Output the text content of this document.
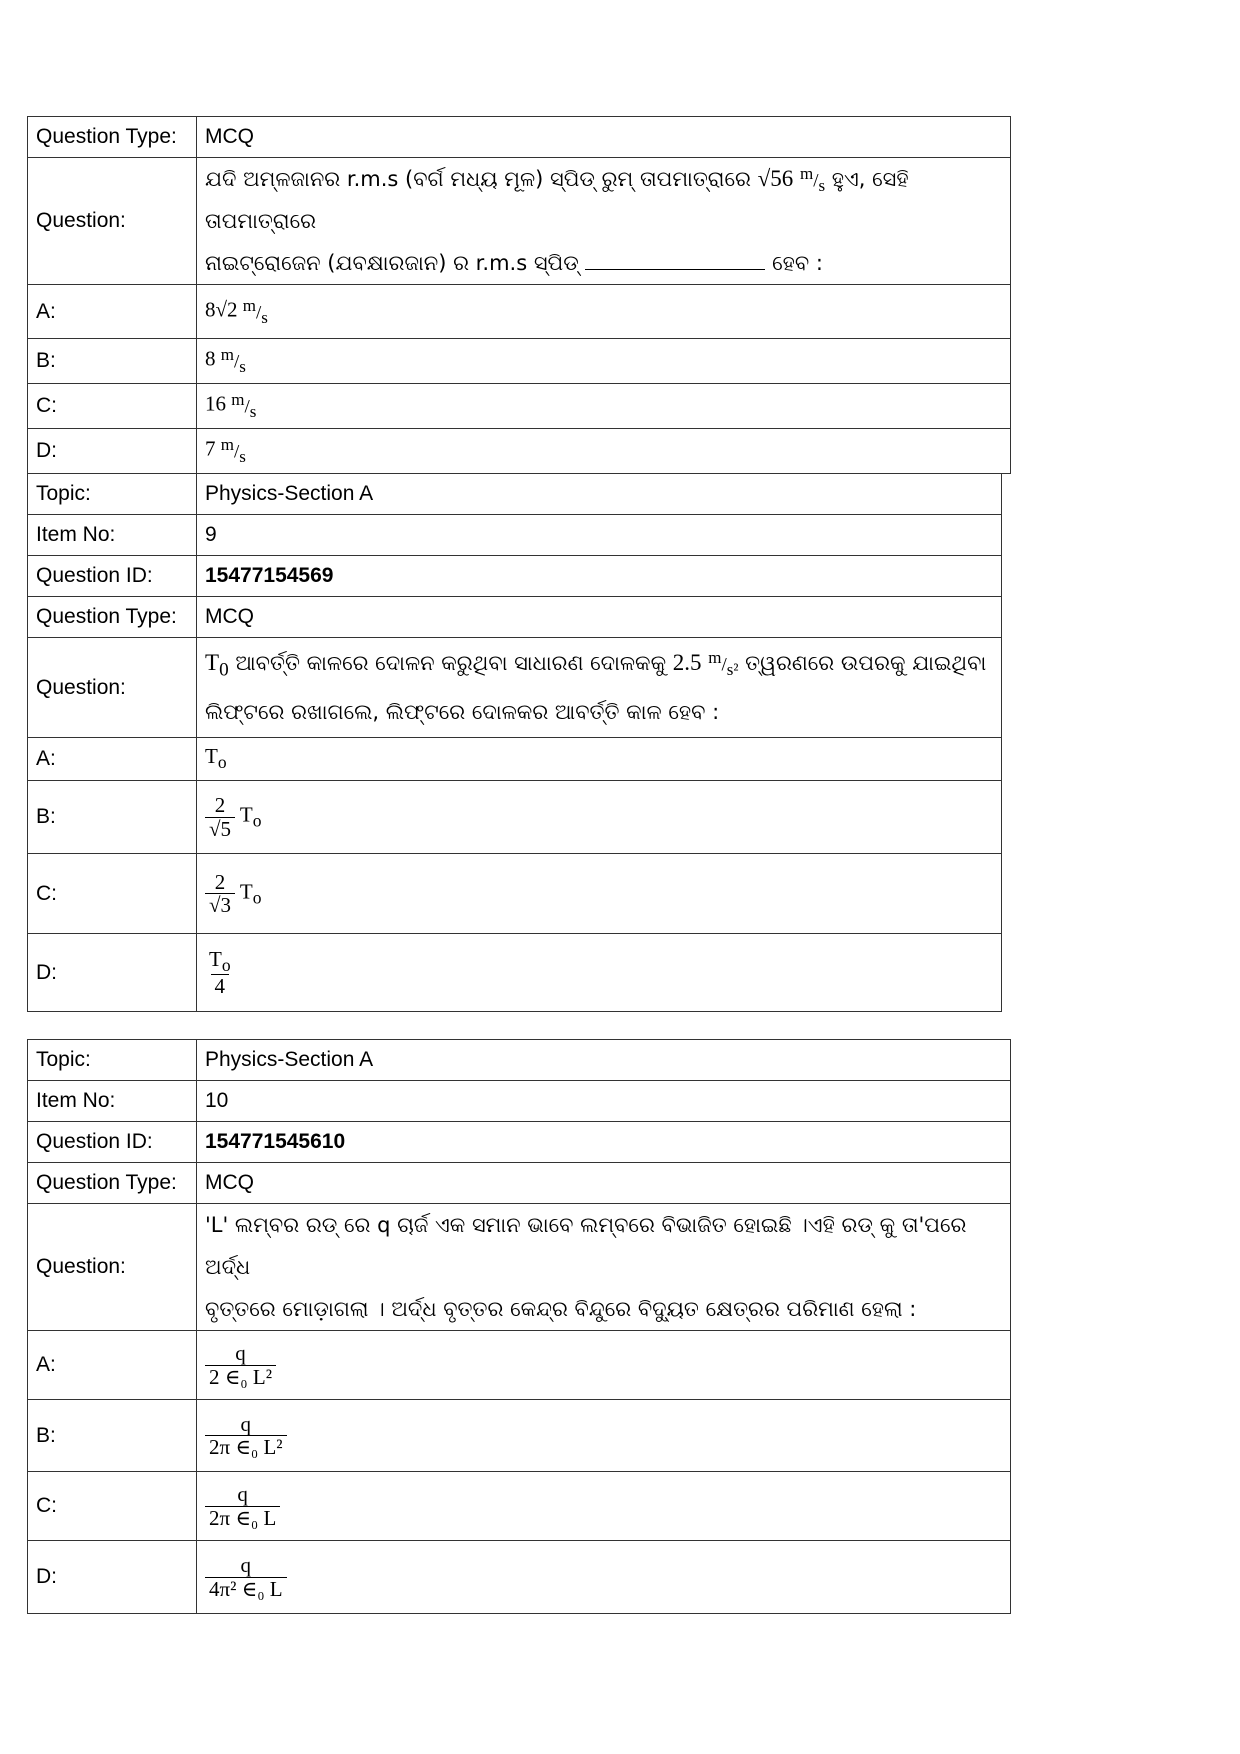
Question Type:	MCQ
Question:	ଯଦି ଅମ୍ଳଜାନର r.m.s (ବର୍ଗ ମଧ୍ୟ ମୂଳ) ସ୍ପିଡ୍ ରୁମ୍ ତାପମାତ୍ରାରେ √56 $^m/_s$ ହୁଏ, ସେହି ତାପମାତ୍ରାରେ
ନାଇଟ୍ରୋଜେନ (ଯବକ୍ଷାରଜାନ) ର r.m.s ସ୍ପିଡ୍ ହେବ :

A:	8√2 $^m/_s$
B:	8 $^m/_s$
C:	16 $^m/_s$
D:	7 $^m/_s$
Topic:	Physics-Section A
Item No:	9
Question ID:	15477154569
Question Type:	MCQ
Question:	$T_0$ ଆବର୍ତ୍ତି କାଳରେ ଦୋଳନ କରୁଥିବା ସାଧାରଣ ଦୋଳକକୁ 2.5 $^m/_{s^2}$ ତ୍ୱରଣରେ ଉପରକୁ ଯାଇଥିବା
ଲିଫ୍ଟରେ ରଖାଗଲେ, ଲିଫ୍ଟରେ ଦୋଳକର ଆବର୍ତ୍ତି କାଳ ହେବ :

A:	$T_o$
B:	$\frac{2}{√5} T_o$
C:	$\frac{2}{√3} T_o$
D:	$\frac{T_o}{4}$
Topic:	Physics-Section A
Item No:	10
Question ID:	154771545610
Question Type:	MCQ
Question:	'L' ଲମ୍ବର ରଡ୍ ରେ q ଚାର୍ଜ ଏକ ସମାନ ଭାବେ ଲମ୍ବରେ ବିଭାଜିତ ହୋଇଛି ।ଏହି ରଡ୍ କୁ ତା'ପରେ ଅର୍ଦ୍ଧ
ବୃତ୍ତରେ ମୋଡ଼ାଗଲା । ଅର୍ଦ୍ଧ ବୃତ୍ତର କେନ୍ଦ୍ର ବିନ୍ଦୁରେ ବିଦ୍ୟୁତ କ୍ଷେତ୍ରର ପରିମାଣ ହେଲା :

A:	$\frac{q}{\text{2 ∈₀ L²}}$

B:	$\frac{q}{\text{2π ∈₀ L²}}$

C:	$\frac{q}{\text{2π ∈₀ L}}$

D:	$\frac{q}{\text{4π² ∈₀ L}}$
